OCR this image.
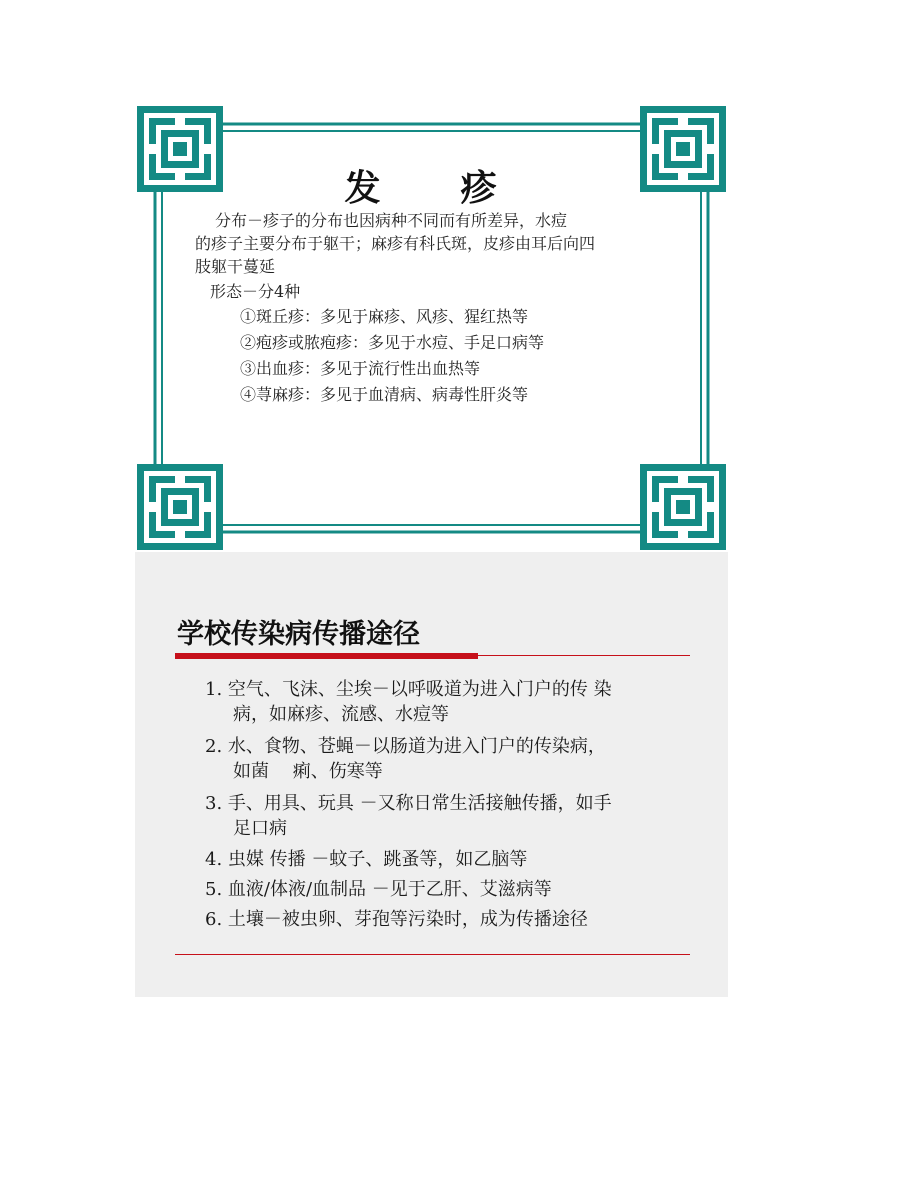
发　疹
分布－疹子的分布也因病种不同而有所差异，水痘
的疹子主要分布于躯干；麻疹有科氏斑，皮疹由耳后向四
肢躯干蔓延
形态－分4种
①斑丘疹：多见于麻疹、风疹、猩红热等
②疱疹或脓疱疹：多见于水痘、手足口病等
③出血疹：多见于流行性出血热等
④荨麻疹：多见于血清病、病毒性肝炎等
学校传染病传播途径
1. 空气、飞沫、尘埃－以呼吸道为进入门户的传 染
病，如麻疹、流感、水痘等
2. 水、食物、苍蝇－以肠道为进入门户的传染病，
如菌　 痢、伤寒等
3. 手、用具、玩具 －又称日常生活接触传播，如手
足口病
4. 虫媒 传播 －蚊子、跳蚤等，如乙脑等
5. 血液/体液/血制品 －见于乙肝、艾滋病等
6. 土壤－被虫卵、芽孢等污染时，成为传播途径
